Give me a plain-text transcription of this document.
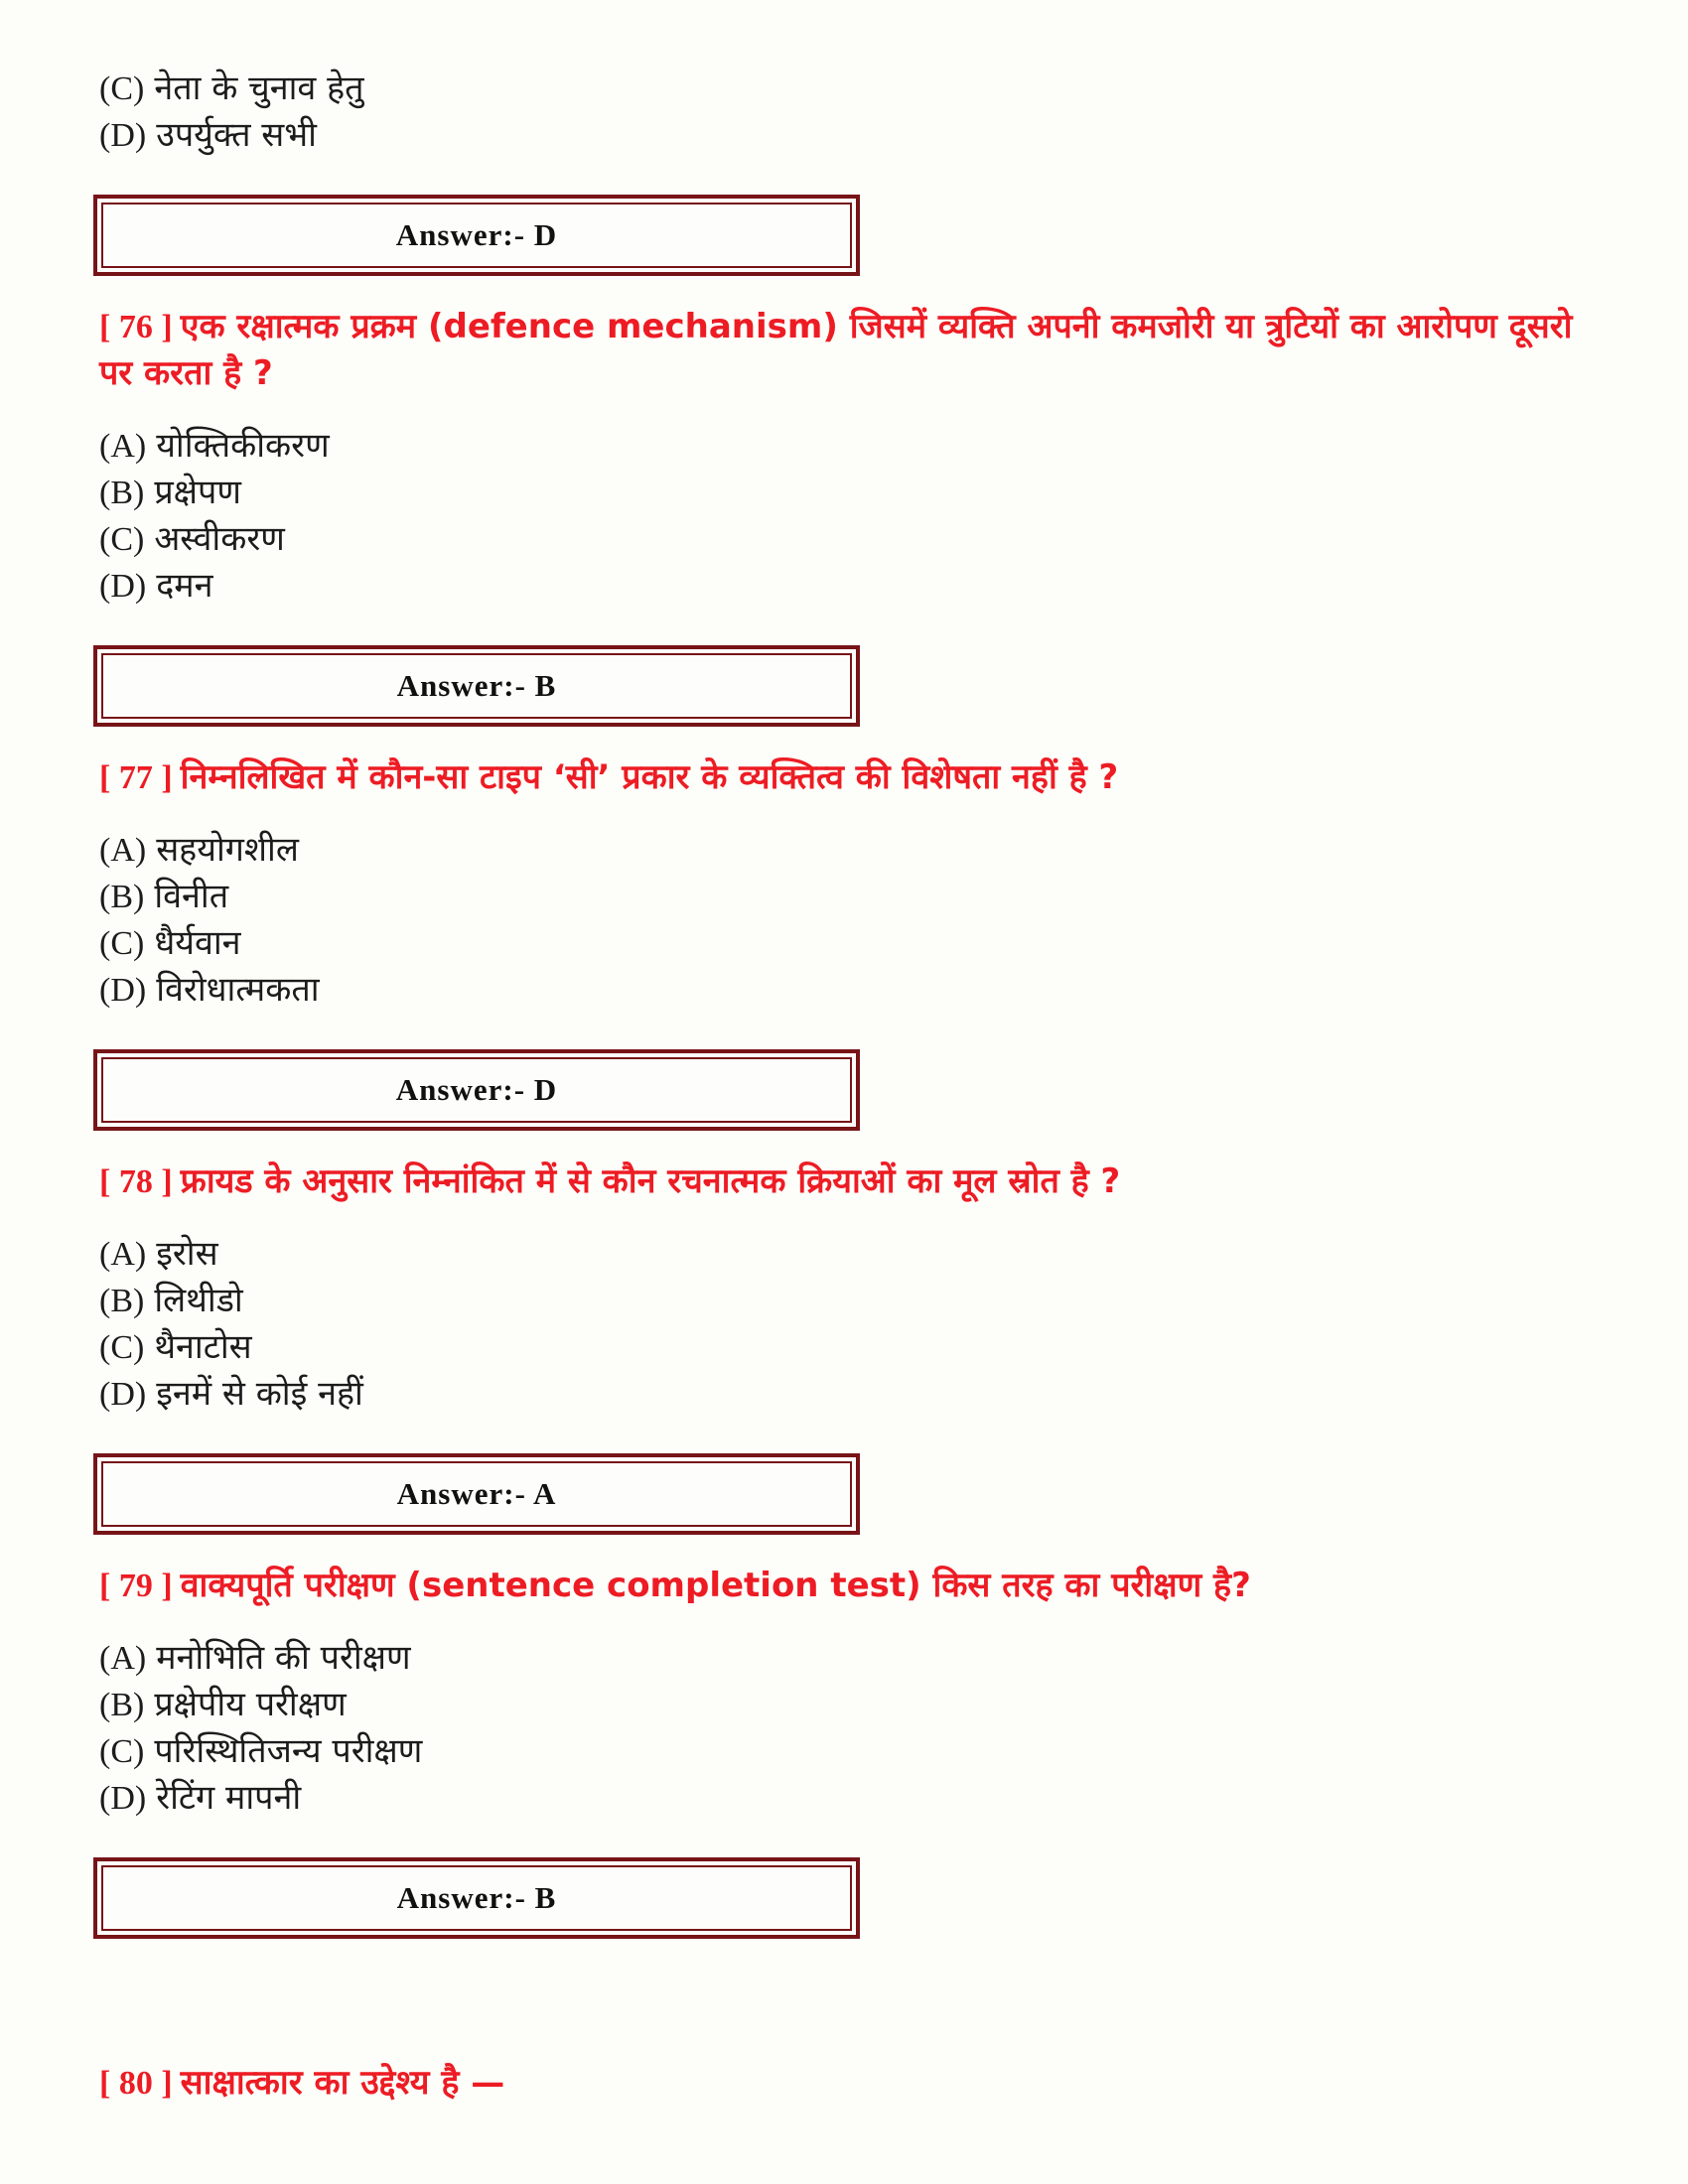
(C) नेता के चुनाव हेतु
(D) उपर्युक्त सभी
Answer:- D
[ 76 ] एक रक्षात्मक प्रक्रम (defence mechanism) जिसमें व्यक्ति अपनी कमजोरी या त्रुटियों का आरोपण दूसरो पर करता है ?
(A) योक्तिकीकरण
(B) प्रक्षेपण
(C) अस्वीकरण
(D) दमन
Answer:- B
[ 77 ] निम्नलिखित में कौन-सा टाइप ‘सी’ प्रकार के व्यक्तित्व की विशेषता नहीं है ?
(A) सहयोगशील
(B) विनीत
(C) धैर्यवान
(D) विरोधात्मकता
Answer:- D
[ 78 ] फ्रायड के अनुसार निम्नांकित में से कौन रचनात्मक क्रियाओं का मूल स्रोत है ?
(A) इरोस
(B) लिथीडो
(C) थैनाटोस
(D) इनमें से कोई नहीं
Answer:- A
[ 79 ] वाक्यपूर्ति परीक्षण (sentence completion test) किस तरह का परीक्षण है?
(A) मनोभिति की परीक्षण
(B) प्रक्षेपीय परीक्षण
(C) परिस्थितिजन्य परीक्षण
(D) रेटिंग मापनी
Answer:- B
[ 80 ] साक्षात्कार का उद्देश्य है —
